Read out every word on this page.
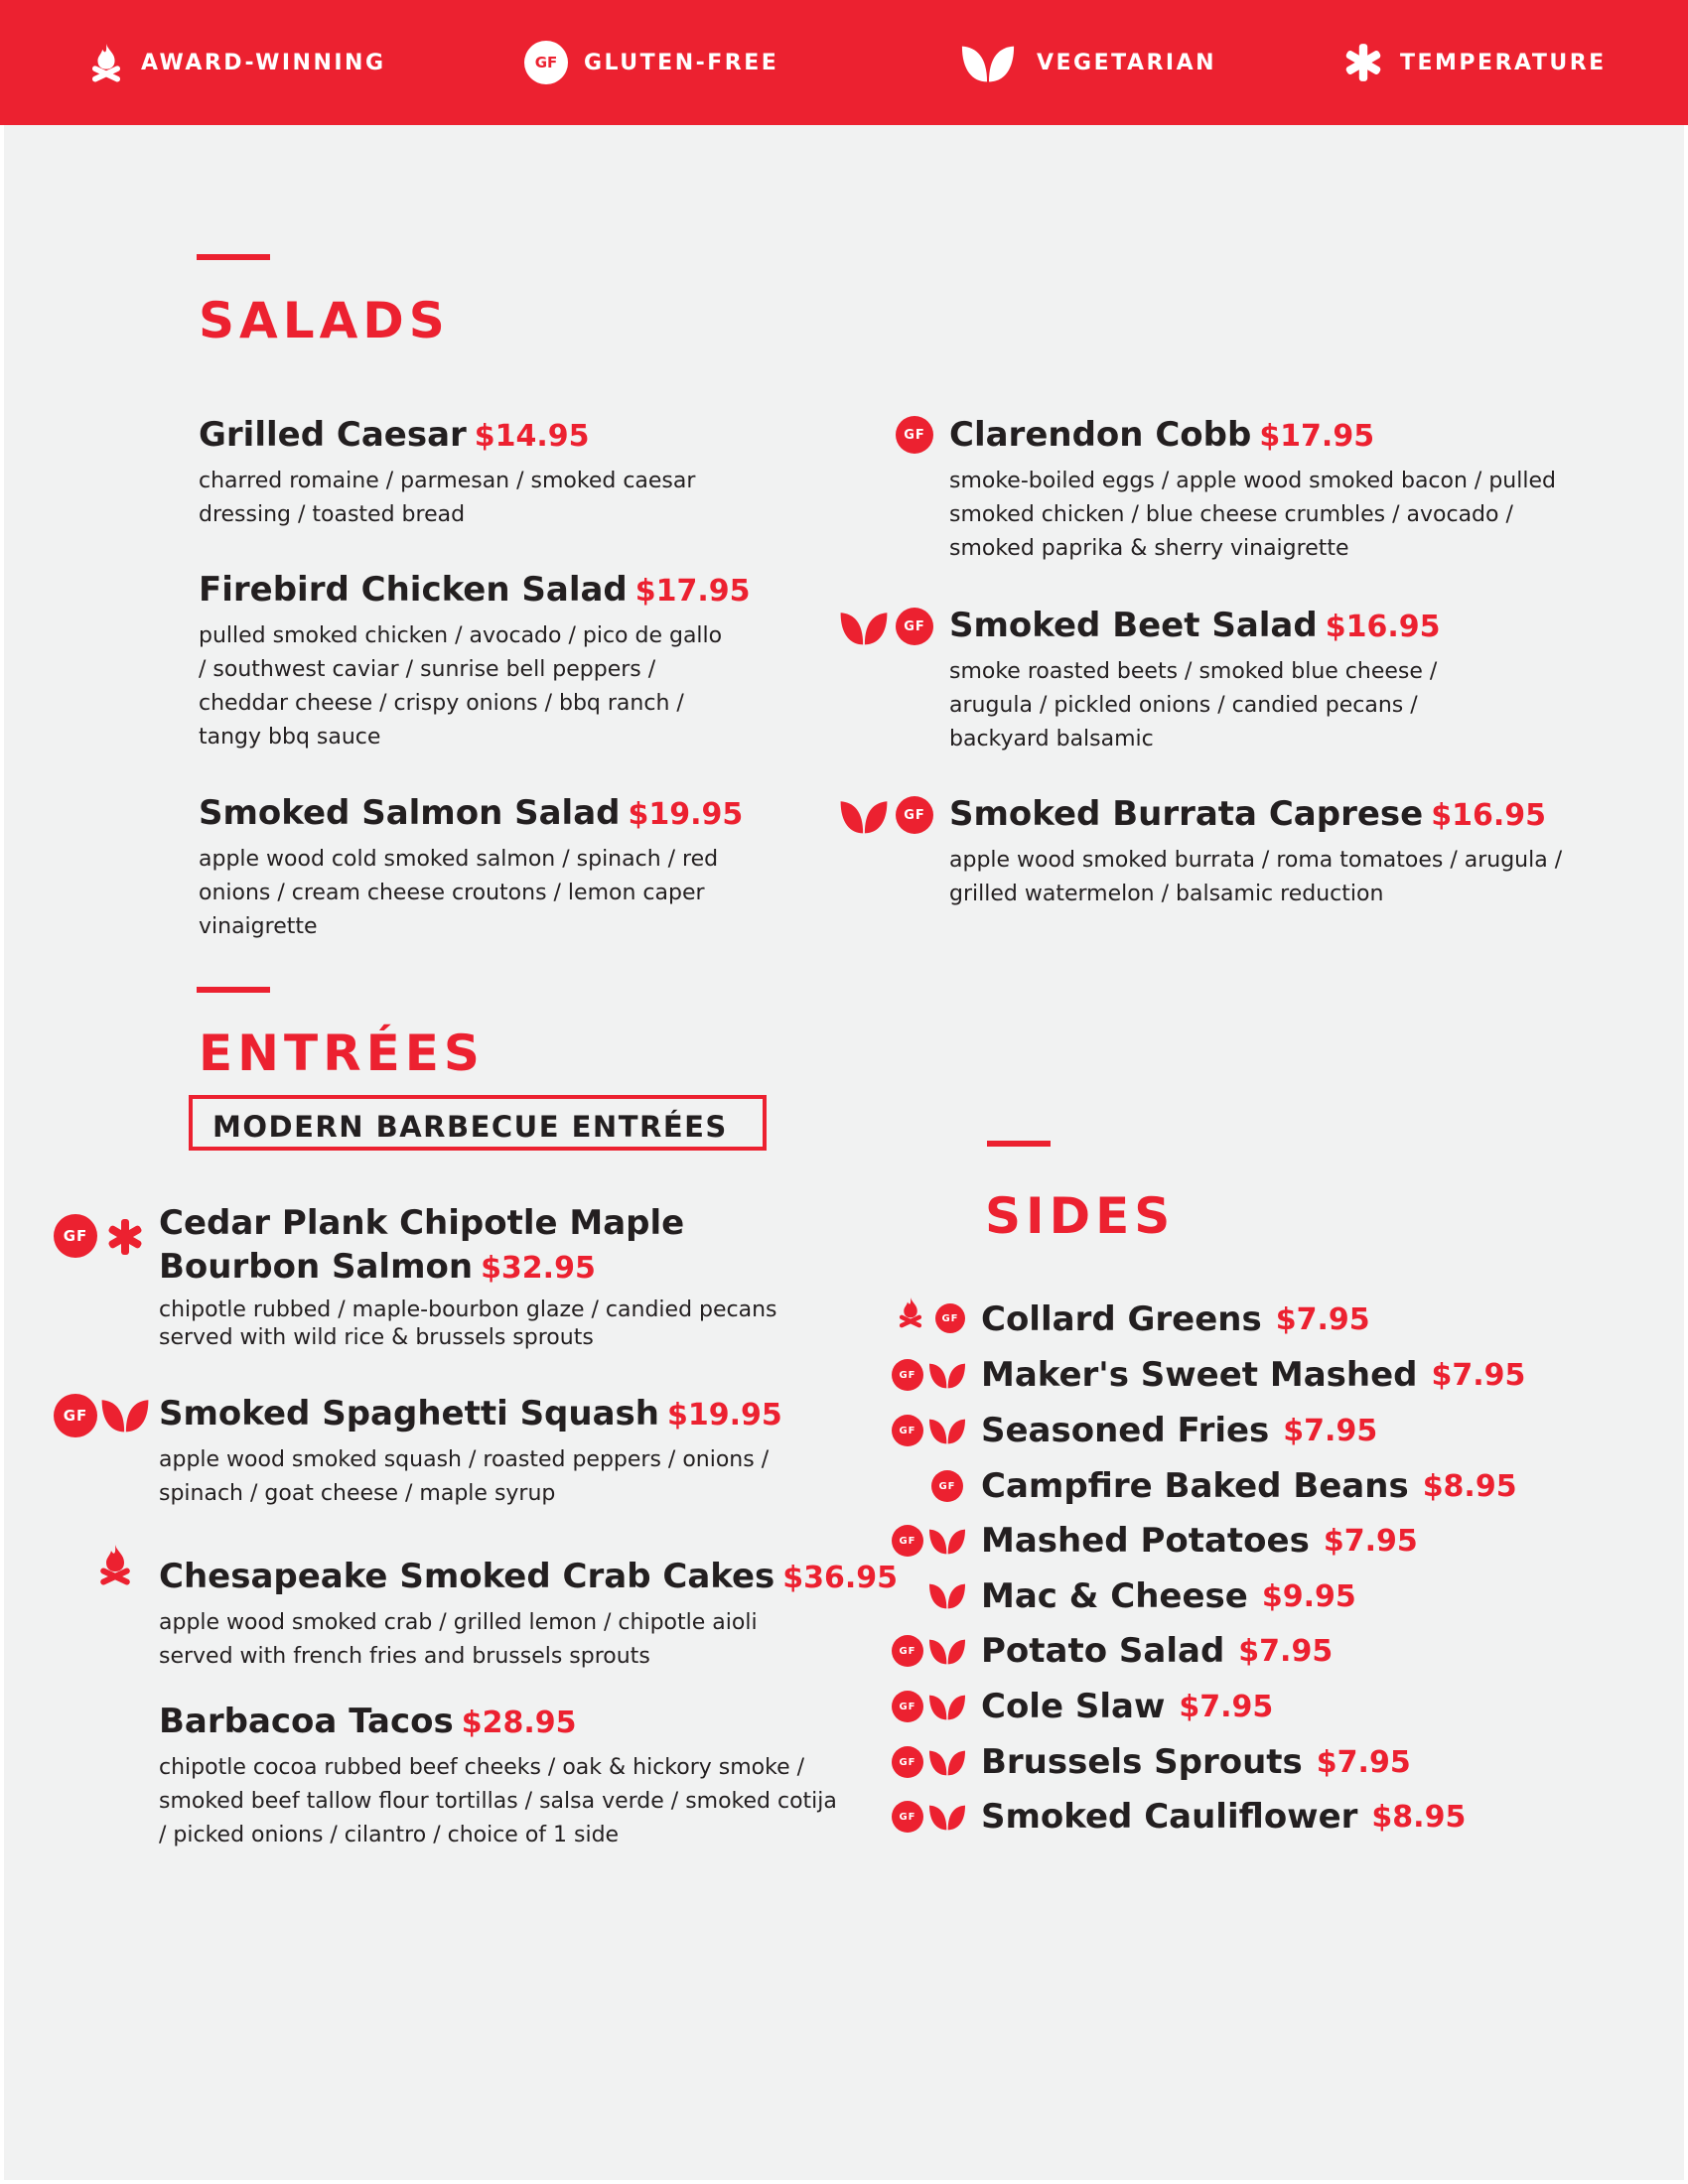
AWARD-WINNING	GF	GLUTEN-FREE	VEGETARIAN	TEMPERATURE
SALADS

Grilled Caesar $14.95

charred romaine / parmesan / smoked caesar dressing / toasted bread

Firebird Chicken Salad $17.95

pulled smoked chicken / avocado / pico de gallo / southwest caviar / sunrise bell peppers / cheddar cheese / crispy onions / bbq ranch / tangy bbq sauce

Smoked Salmon Salad $19.95

apple wood cold smoked salmon / spinach / red onions / cream cheese croutons / lemon caper vinaigrette

GF Clarendon Cobb $17.95

smoke-boiled eggs / apple wood smoked bacon / pulled smoked chicken / blue cheese crumbles / avocado / smoked paprika & sherry vinaigrette

GF Smoked Beet Salad $16.95

smoke roasted beets / smoked blue cheese / arugula / pickled onions / candied pecans / backyard balsamic

GF Smoked Burrata Caprese $16.95

apple wood smoked burrata / roma tomatoes / arugula / grilled watermelon / balsamic reduction

ENTRÉES
MODERN BARBECUE ENTRÉES
GF Cedar Plank Chipotle Maple Bourbon Salmon $32.95

chipotle rubbed / maple-bourbon glaze / candied pecans served with wild rice & brussels sprouts

GF Smoked Spaghetti Squash $19.95

apple wood smoked squash / roasted peppers / onions / spinach / goat cheese / maple syrup

Chesapeake Smoked Crab Cakes $36.95

apple wood smoked crab / grilled lemon / chipotle aioli served with french fries and brussels sprouts

Barbacoa Tacos $28.95

chipotle cocoa rubbed beef cheeks / oak & hickory smoke / smoked beef tallow flour tortillas / salsa verde / smoked cotija / picked onions / cilantro / choice of 1 side

SIDES
GF
GF
GF
GF
GF
GF
GF
GF
GF
Collard Greens $7.95
Maker's Sweet Mashed $7.95
Seasoned Fries $7.95
Campfire Baked Beans $8.95
Mashed Potatoes $7.95
Mac & Cheese $9.95
Potato Salad $7.95
Cole Slaw $7.95
Brussels Sprouts $7.95
Smoked Cauliflower $8.95
